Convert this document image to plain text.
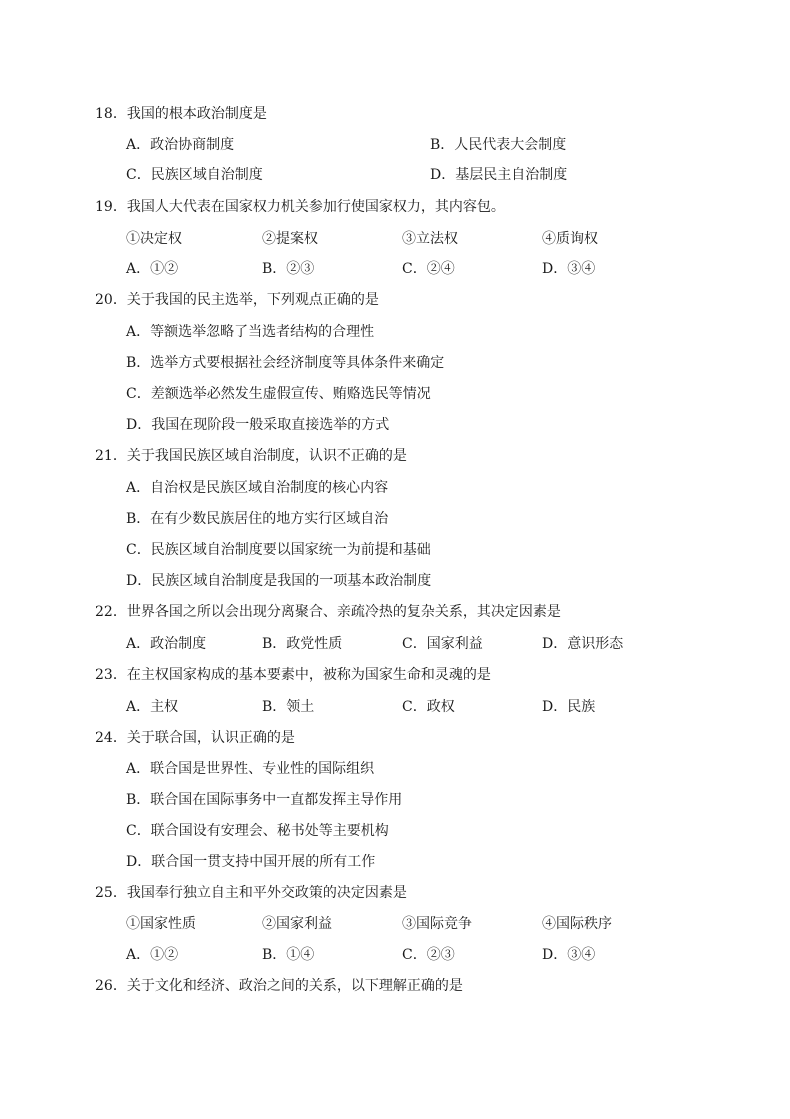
18．我国的根本政治制度是
A．政治协商制度	B．人民代表大会制度
C．民族区域自治制度	D．基层民主自治制度
19．我国人大代表在国家权力机关参加行使国家权力，其内容包。
①决定权	②提案权	③立法权	④质询权
A．①②	B．②③	C．②④	D．③④
20．关于我国的民主选举，下列观点正确的是
A．等额选举忽略了当选者结构的合理性
B．选举方式要根据社会经济制度等具体条件来确定
C．差额选举必然发生虚假宣传、贿赂选民等情况
D．我国在现阶段一般采取直接选举的方式
21．关于我国民族区域自治制度，认识不正确的是
A．自治权是民族区域自治制度的核心内容
B．在有少数民族居住的地方实行区域自治
C．民族区域自治制度要以国家统一为前提和基础
D．民族区域自治制度是我国的一项基本政治制度
22．世界各国之所以会出现分离聚合、亲疏冷热的复杂关系，其决定因素是
A．政治制度	B．政党性质	C．国家利益	D．意识形态
23．在主权国家构成的基本要素中，被称为国家生命和灵魂的是
A．主权	B．领土	C．政权	D．民族
24．关于联合国，认识正确的是
A．联合国是世界性、专业性的国际组织
B．联合国在国际事务中一直都发挥主导作用
C．联合国设有安理会、秘书处等主要机构
D．联合国一贯支持中国开展的所有工作
25．我国奉行独立自主和平外交政策的决定因素是
①国家性质	②国家利益	③国际竞争	④国际秩序
A．①②	B．①④	C．②③	D．③④
26．关于文化和经济、政治之间的关系，以下理解正确的是
